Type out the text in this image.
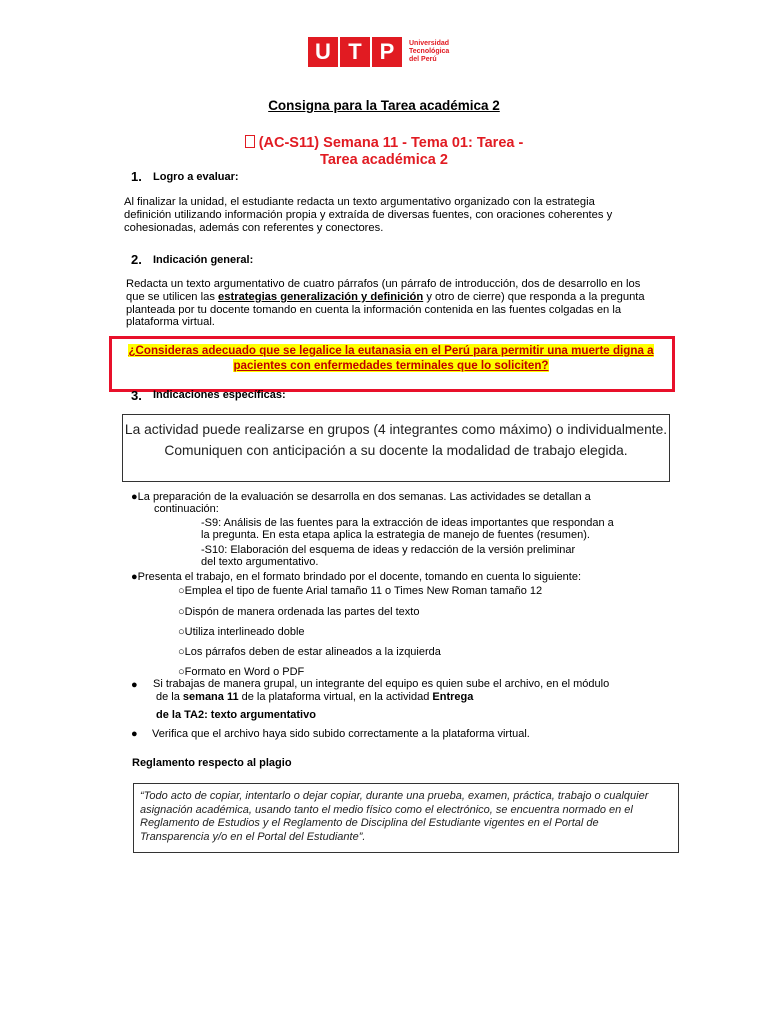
U T P	Universidad
Tecnológica
del Perú
Consigna para la Tarea académica 2
(AC-S11) Semana 11 - Tema 01: Tarea -
Tarea académica 2
1. Logro a evaluar:
Al finalizar la unidad, el estudiante redacta un texto argumentativo organizado con la estrategia definición utilizando información propia y extraída de diversas fuentes, con oraciones coherentes y cohesionadas, además con referentes y conectores.
2. Indicación general:
Redacta un texto argumentativo de cuatro párrafos (un párrafo de introducción, dos de desarrollo en los que se utilicen las estrategias generalización y definición y otro de cierre) que responda a la pregunta planteada por tu docente tomando en cuenta la información contenida en las fuentes colgadas en la plataforma virtual.
¿Consideras adecuado que se legalice la eutanasia en el Perú para permitir una muerte digna a
pacientes con enfermedades terminales que lo soliciten?
3. Indicaciones específicas:
La actividad puede realizarse en grupos (4 integrantes como máximo) o individualmente. Comuniquen con anticipación a su docente la modalidad de trabajo elegida.
●La preparación de la evaluación se desarrolla en dos semanas. Las actividades se detallan a
continuación:
-S9: Análisis de las fuentes para la extracción de ideas importantes que respondan a
la pregunta. En esta etapa aplica la estrategia de manejo de fuentes (resumen).
-S10: Elaboración del esquema de ideas y redacción de la versión preliminar
del texto argumentativo.
●Presenta el trabajo, en el formato brindado por el docente, tomando en cuenta lo siguiente:
○Emplea el tipo de fuente Arial tamaño 11 o Times New Roman tamaño 12
○Dispón de manera ordenada las partes del texto
○Utiliza interlineado doble
○Los párrafos deben de estar alineados a la izquierda
○Formato en Word o PDF
● Si trabajas de manera grupal, un integrante del equipo es quien sube el archivo, en el módulo
de la semana 11 de la plataforma virtual, en la actividad Entrega
de la TA2: texto argumentativo
● Verifica que el archivo haya sido subido correctamente a la plataforma virtual.
Reglamento respecto al plagio
“Todo acto de copiar, intentarlo o dejar copiar, durante una prueba, examen, práctica, trabajo o cualquier asignación académica, usando tanto el medio físico como el electrónico, se encuentra normado en el Reglamento de Estudios y el Reglamento de Disciplina del Estudiante vigentes en el Portal de Transparencia y/o en el Portal del Estudiante”.
